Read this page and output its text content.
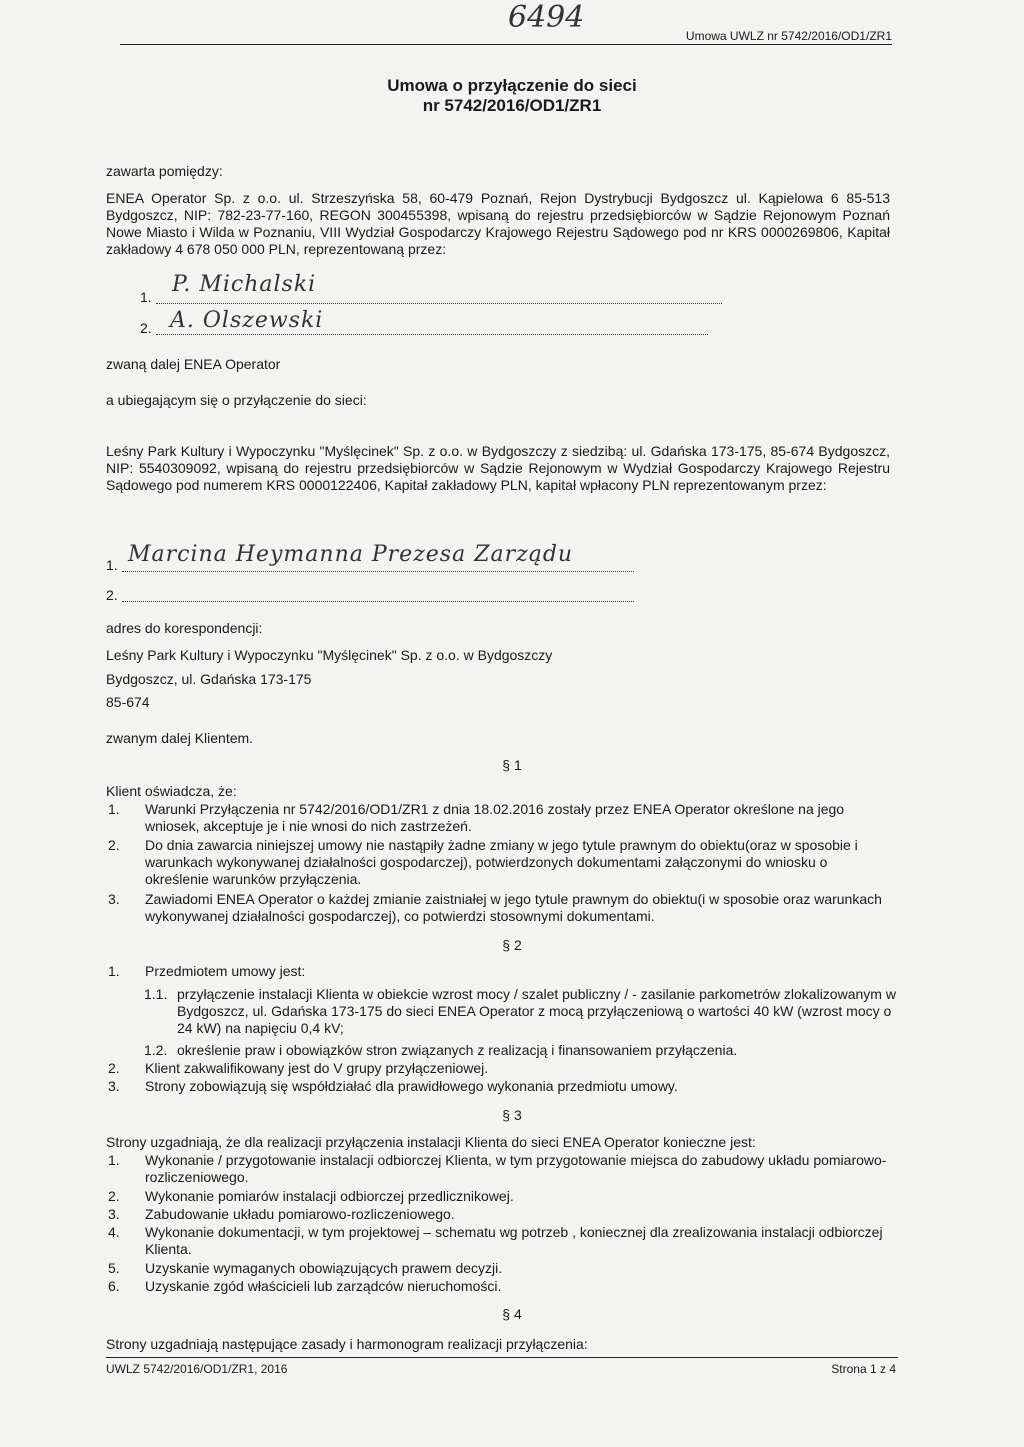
6494
Umowa UWLZ nr 5742/2016/OD1/ZR1
Umowa o przyłączenie do sieci
nr 5742/2016/OD1/ZR1
zawarta pomiędzy:
ENEA Operator Sp. z o.o. ul. Strzeszyńska 58, 60-479 Poznań, Rejon Dystrybucji Bydgoszcz ul. Kąpielowa 6 85-513 Bydgoszcz, NIP: 782-23-77-160, REGON 300455398, wpisaną do rejestru przedsiębiorców w Sądzie Rejonowym Poznań Nowe Miasto i Wilda w Poznaniu, VIII Wydział Gospodarczy Krajowego Rejestru Sądowego pod nr KRS 0000269806, Kapitał zakładowy 4 678 050 000 PLN, reprezentowaną przez:
1. P. Michalski
2. A. Olszewski
zwaną dalej ENEA Operator
a ubiegającym się o przyłączenie do sieci:
Leśny Park Kultury i Wypoczynku "Myślęcinek" Sp. z o.o. w Bydgoszczy z siedzibą: ul. Gdańska 173-175, 85-674 Bydgoszcz, NIP: 5540309092, wpisaną do rejestru przedsiębiorców w Sądzie Rejonowym w Wydział Gospodarczy Krajowego Rejestru Sądowego pod numerem KRS 0000122406, Kapitał zakładowy PLN, kapitał wpłacony PLN reprezentowanym przez:
1. Marcina Heymanna Prezesa Zarządu
2.
adres do korespondencji:
Leśny Park Kultury i Wypoczynku "Myślęcinek" Sp. z o.o. w Bydgoszczy
Bydgoszcz, ul. Gdańska 173-175
85-674
zwanym dalej Klientem.
§ 1
Klient oświadcza, że:
1. Warunki Przyłączenia nr 5742/2016/OD1/ZR1 z dnia 18.02.2016 zostały przez ENEA Operator określone na jego wniosek, akceptuje je i nie wnosi do nich zastrzeżeń.
2. Do dnia zawarcia niniejszej umowy nie nastąpiły żadne zmiany w jego tytule prawnym do obiektu(oraz w sposobie i warunkach wykonywanej działalności gospodarczej), potwierdzonych dokumentami załączonymi do wniosku o określenie warunków przyłączenia.
3. Zawiadomi ENEA Operator o każdej zmianie zaistniałej w jego tytule prawnym do obiektu(i w sposobie oraz warunkach wykonywanej działalności gospodarczej), co potwierdzi stosownymi dokumentami.
§ 2
1. Przedmiotem umowy jest:
1.1. przyłączenie instalacji Klienta w obiekcie wzrost mocy / szalet publiczny / - zasilanie parkometrów zlokalizowanym w Bydgoszcz, ul. Gdańska 173-175 do sieci ENEA Operator z mocą przyłączeniową o wartości 40 kW (wzrost mocy o 24 kW) na napięciu 0,4 kV;
1.2. określenie praw i obowiązków stron związanych z realizacją i finansowaniem przyłączenia.
2. Klient zakwalifikowany jest do V grupy przyłączeniowej.
3. Strony zobowiązują się współdziałać dla prawidłowego wykonania przedmiotu umowy.
§ 3
Strony uzgadniają, że dla realizacji przyłączenia instalacji Klienta do sieci ENEA Operator konieczne jest:
1. Wykonanie / przygotowanie instalacji odbiorczej Klienta, w tym przygotowanie miejsca do zabudowy układu pomiarowo-rozliczeniowego.
2. Wykonanie pomiarów instalacji odbiorczej przedlicznikowej.
3. Zabudowanie układu pomiarowo-rozliczeniowego.
4. Wykonanie dokumentacji, w tym projektowej – schematu wg potrzeb , koniecznej dla zrealizowania instalacji odbiorczej Klienta.
5. Uzyskanie wymaganych obowiązujących prawem decyzji.
6. Uzyskanie zgód właścicieli lub zarządców nieruchomości.
§ 4
Strony uzgadniają następujące zasady i harmonogram realizacji przyłączenia:
UWLZ 5742/2016/OD1/ZR1, 2016	Strona 1 z 4
